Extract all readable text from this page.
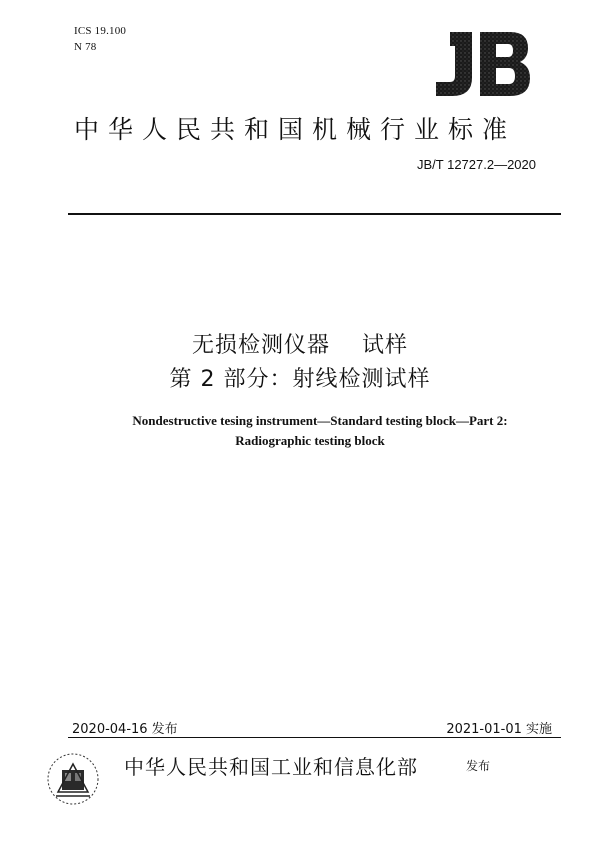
ICS 19.100
N 78
中华人民共和国机械行业标准
JB/T 12727.2—2020
无损检测仪器    试样
第 2 部分：射线检测试样
Nondestructive tesing instrument—Standard testing block—Part 2:
Radiographic testing block
2020-04-16 发布	2021-01-01 实施
中华人民共和国工业和信息化部	发布
